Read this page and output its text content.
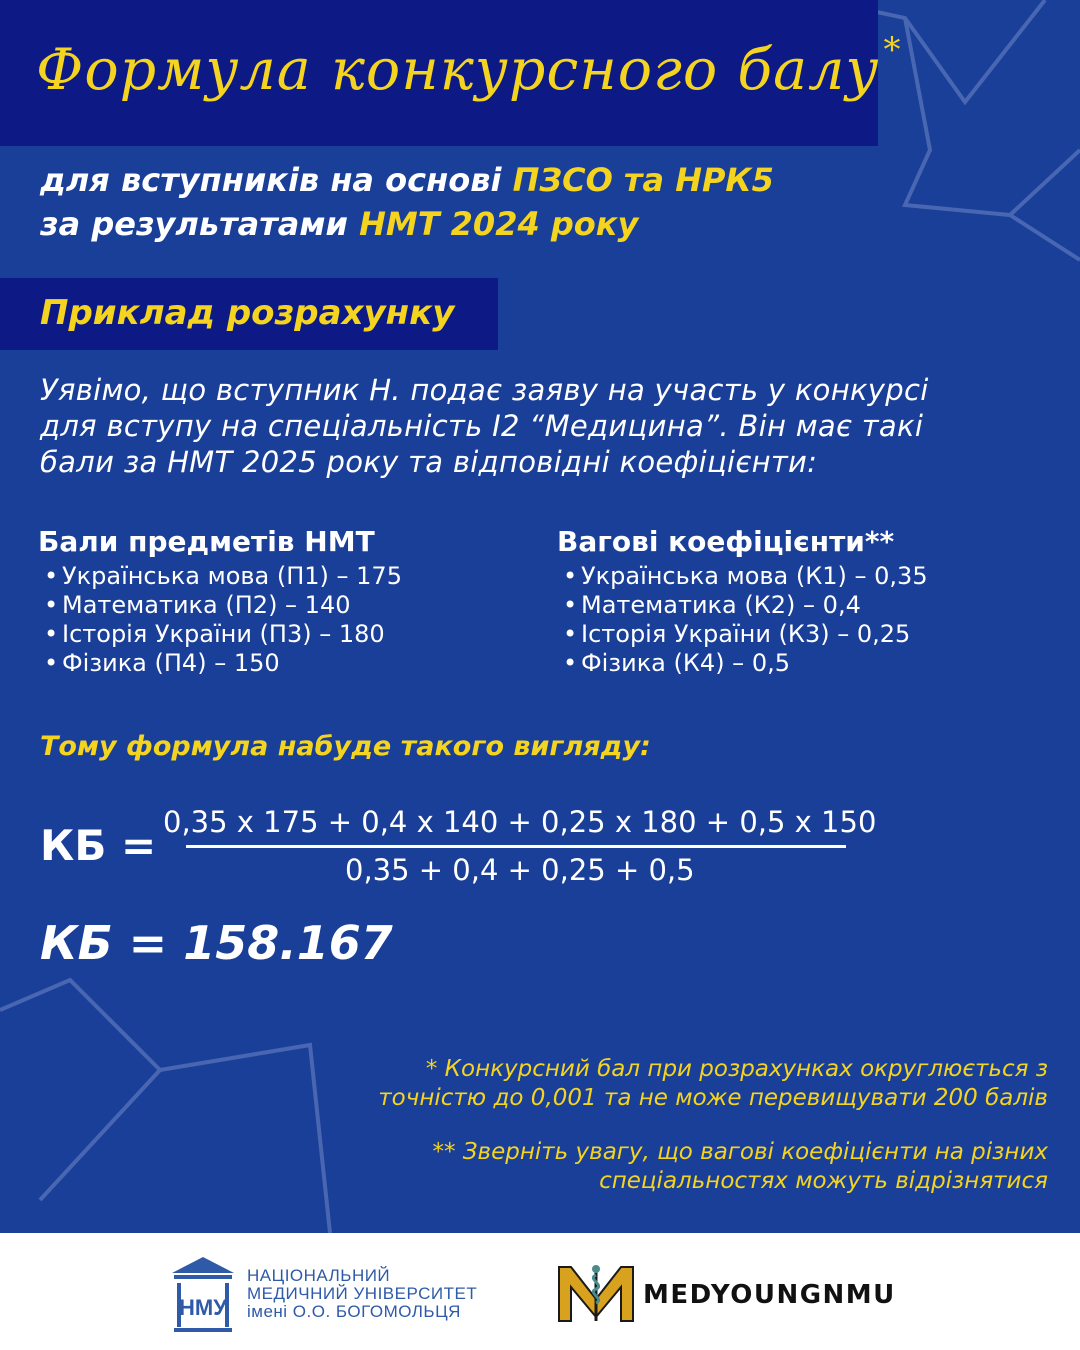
Формула конкурсного балу *
для вступників на основі ПЗСО та НРК5
за результатами НМТ 2024 року
Приклад розрахунку
Уявімо, що вступник Н. подає заяву на участь у конкурсі
для вступу на спеціальність I2 “Медицина”. Він має такі
бали за НМТ 2025 року та відповідні коефіцієнти:
Бали предметів НМТ
• Українська мова (П1) – 175
• Математика (П2) – 140
• Історія України (П3) – 180
• Фізика (П4) – 150
Вагові коефіцієнти**
• Українська мова (К1) – 0,35
• Математика (К2) – 0,4
• Історія України (К3) – 0,25
• Фізика (К4) – 0,5
Тому формула набуде такого вигляду:
КБ = 0,35 х 175 + 0,4 х 140 + 0,25 х 180 + 0,5 х 150
0,35 + 0,4 + 0,25 + 0,5
КБ = 158.167
* Конкурсний бал при розрахунках округлюється з
точністю до 0,001 та не може перевищувати 200 балів
** Зверніть увагу, що вагові коефіцієнти на різних
спеціальностях можуть відрізнятися
НМУ
НАЦІОНАЛЬНИЙ
МЕДИЧНИЙ УНІВЕРСИТЕТ
імені О.О. БОГОМОЛЬЦЯ
MEDYOUNGNMU
